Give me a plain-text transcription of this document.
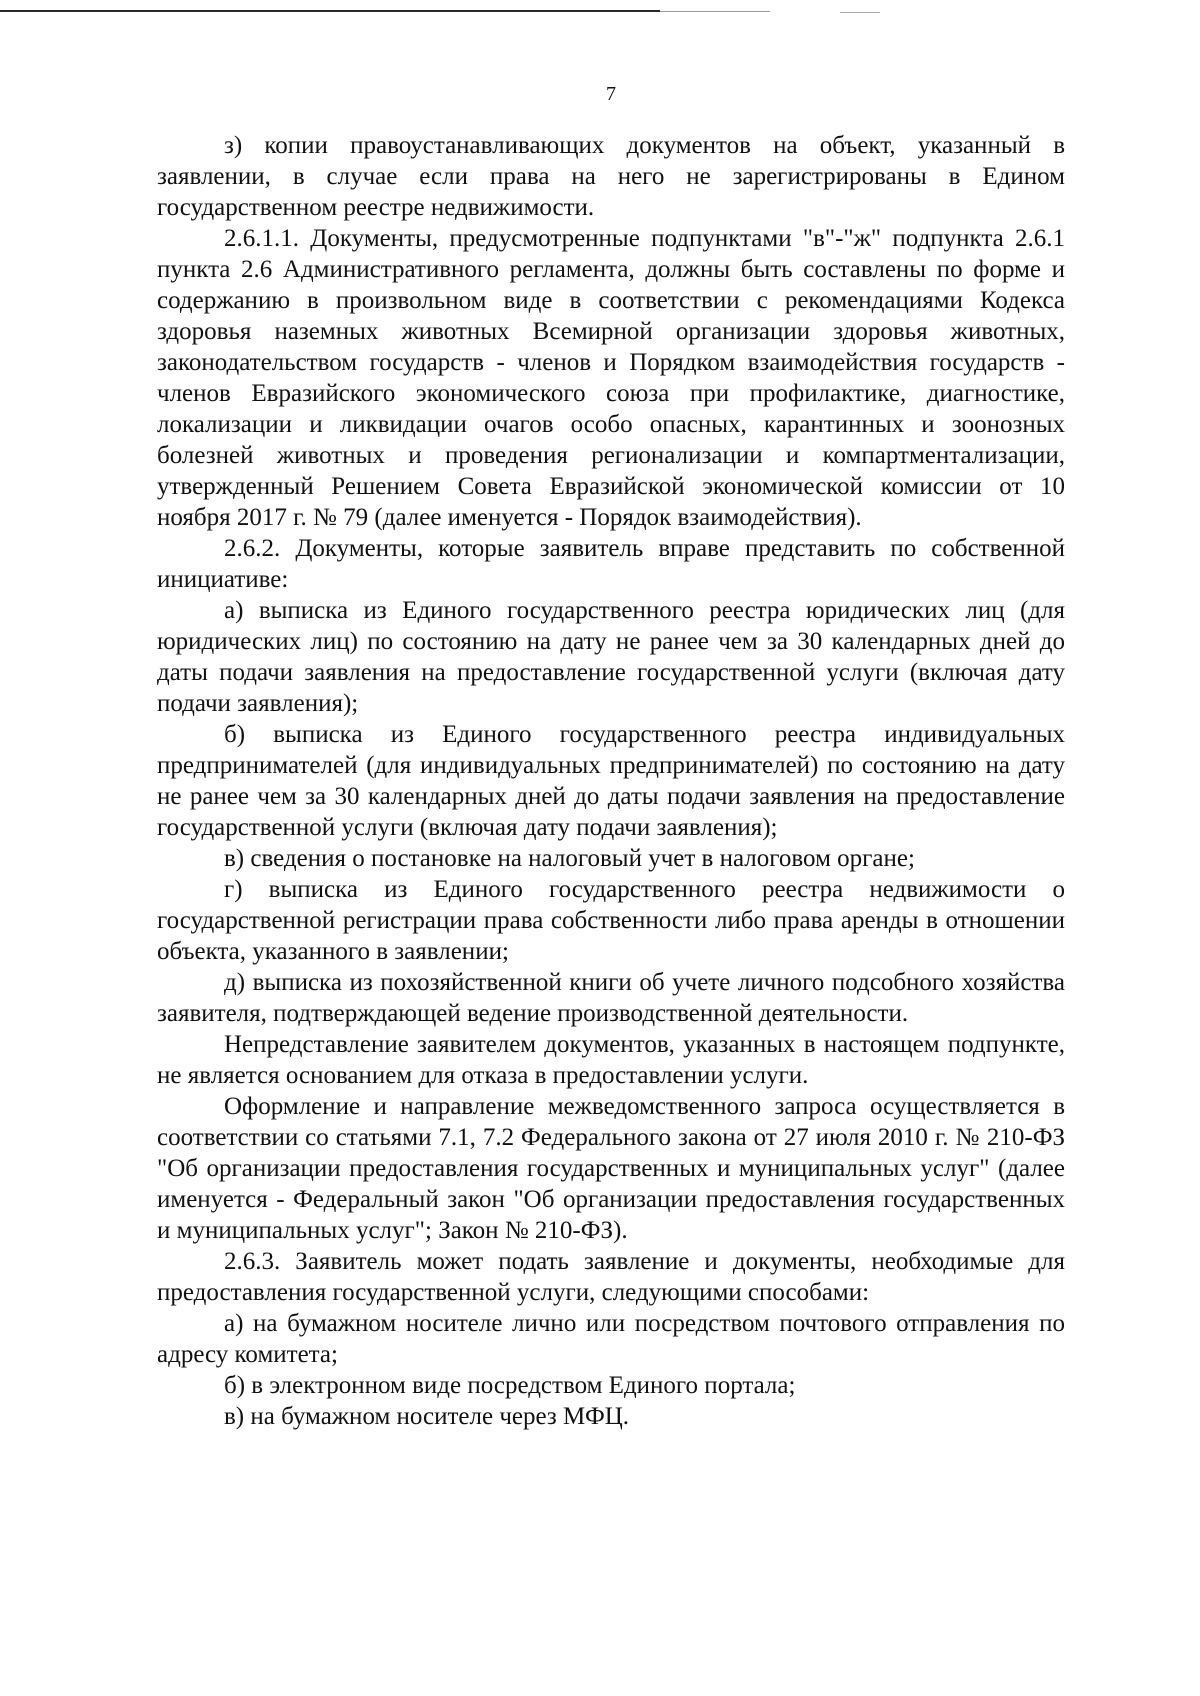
7

з) копии правоустанавливающих документов на объект, указанный в заявлении, в случае если права на него не зарегистрированы в Едином государственном реестре недвижимости.

2.6.1.1. Документы, предусмотренные подпунктами "в"-"ж" подпункта 2.6.1 пункта 2.6 Административного регламента, должны быть составлены по форме и содержанию в произвольном виде в соответствии с рекомендациями Кодекса здоровья наземных животных Всемирной организации здоровья животных, законодательством государств - членов и Порядком взаимодействия государств - членов Евразийского экономического союза при профилактике, диагностике, локализации и ликвидации очагов особо опасных, карантинных и зоонозных болезней животных и проведения регионализации и компартментализации, утвержденный Решением Совета Евразийской экономической комиссии от 10 ноября 2017 г. № 79 (далее именуется - Порядок взаимодействия).

2.6.2. Документы, которые заявитель вправе представить по собственной инициативе:

а) выписка из Единого государственного реестра юридических лиц (для юридических лиц) по состоянию на дату не ранее чем за 30 календарных дней до даты подачи заявления на предоставление государственной услуги (включая дату подачи заявления);

б) выписка из Единого государственного реестра индивидуальных предпринимателей (для индивидуальных предпринимателей) по состоянию на дату не ранее чем за 30 календарных дней до даты подачи заявления на предоставление государственной услуги (включая дату подачи заявления);

в) сведения о постановке на налоговый учет в налоговом органе;

г) выписка из Единого государственного реестра недвижимости о государственной регистрации права собственности либо права аренды в отношении объекта, указанного в заявлении;

д) выписка из похозяйственной книги об учете личного подсобного хозяйства заявителя, подтверждающей ведение производственной деятельности.

Непредставление заявителем документов, указанных в настоящем подпункте, не является основанием для отказа в предоставлении услуги.

Оформление и направление межведомственного запроса осуществляется в соответствии со статьями 7.1, 7.2 Федерального закона от 27 июля 2010 г. № 210-ФЗ "Об организации предоставления государственных и муниципальных услуг" (далее именуется - Федеральный закон "Об организации предоставления государственных и муниципальных услуг"; Закон № 210-ФЗ).

2.6.3. Заявитель может подать заявление и документы, необходимые для предоставления государственной услуги, следующими способами:

а) на бумажном носителе лично или посредством почтового отправления по адресу комитета;

б) в электронном виде посредством Единого портала;

в) на бумажном носителе через МФЦ.
